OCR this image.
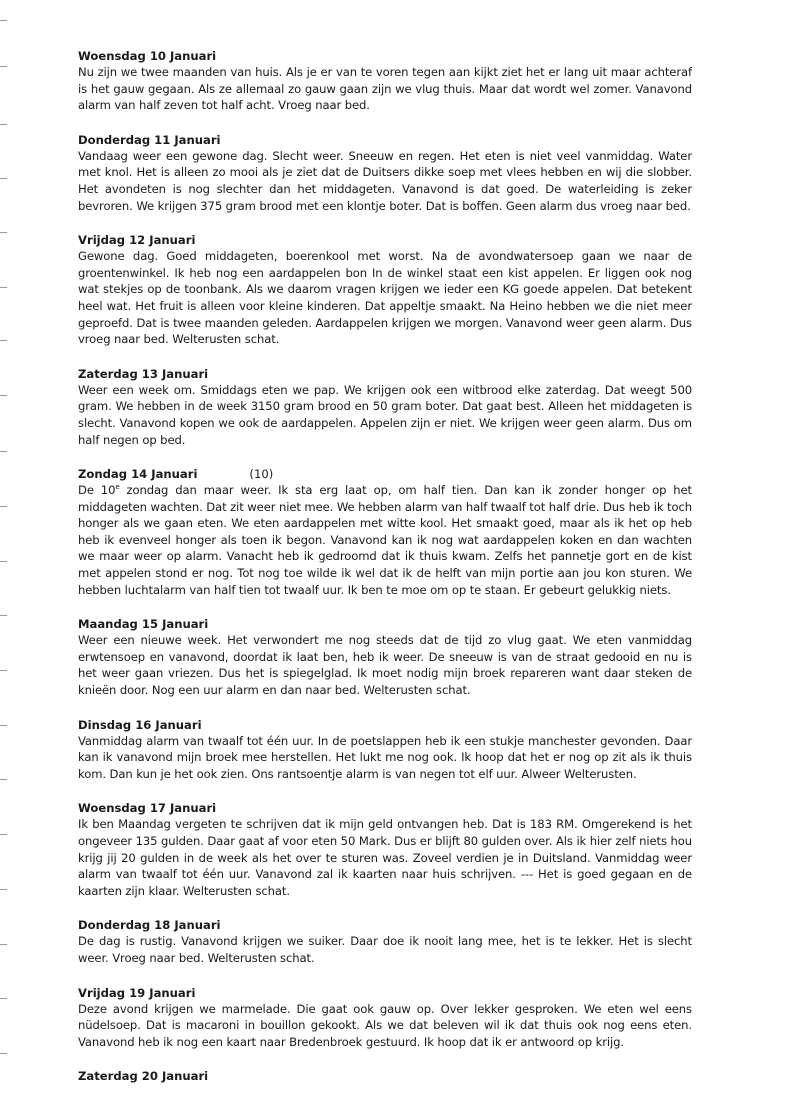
Woensdag 10 Januari

Nu zijn we twee maanden van huis. Als je er van te voren tegen aan kijkt ziet het er lang uit maar achteraf is het gauw gegaan. Als ze allemaal zo gauw gaan zijn we vlug thuis. Maar dat wordt wel zomer. Vanavond alarm van half zeven tot half acht. Vroeg naar bed.

Donderdag 11 Januari

Vandaag weer een gewone dag. Slecht weer. Sneeuw en regen. Het eten is niet veel vanmiddag. Water met knol. Het is alleen zo mooi als je ziet dat de Duitsers dikke soep met vlees hebben en wij die slobber. Het avondeten is nog slechter dan het middageten. Vanavond is dat goed. De waterleiding is zeker bevroren. We krijgen 375 gram brood met een klontje boter. Dat is boffen. Geen alarm dus vroeg naar bed.

Vrijdag 12 Januari

Gewone dag. Goed middageten, boerenkool met worst. Na de avondwatersoep gaan we naar de groentenwinkel. Ik heb nog een aardappelen bon In de winkel staat een kist appelen. Er liggen ook nog wat stekjes op de toonbank. Als we daarom vragen krijgen we ieder een KG goede appelen. Dat betekent heel wat. Het fruit is alleen voor kleine kinderen. Dat appeltje smaakt. Na Heino hebben we die niet meer geproefd. Dat is twee maanden geleden. Aardappelen krijgen we morgen. Vanavond weer geen alarm. Dus vroeg naar bed. Welterusten schat.

Zaterdag 13 Januari

Weer een week om. Smiddags eten we pap. We krijgen ook een witbrood elke zaterdag. Dat weegt 500 gram. We hebben in de week 3150 gram brood en 50 gram boter. Dat gaat best. Alleen het middageten is slecht. Vanavond kopen we ook de aardappelen. Appelen zijn er niet. We krijgen weer geen alarm. Dus om half negen op bed.

Zondag 14 Januari	(10)

De 10e zondag dan maar weer. Ik sta erg laat op, om half tien. Dan kan ik zonder honger op het middageten wachten. Dat zit weer niet mee. We hebben alarm van half twaalf tot half drie. Dus heb ik toch honger als we gaan eten. We eten aardappelen met witte kool. Het smaakt goed, maar als ik het op heb heb ik evenveel honger als toen ik begon. Vanavond kan ik nog wat aardappelen koken en dan wachten we maar weer op alarm. Vanacht heb ik gedroomd dat ik thuis kwam. Zelfs het pannetje gort en de kist met appelen stond er nog. Tot nog toe wilde ik wel dat ik de helft van mijn portie aan jou kon sturen. We hebben luchtalarm van half tien tot twaalf uur. Ik ben te moe om op te staan. Er gebeurt gelukkig niets.

Maandag 15 Januari

Weer een nieuwe week. Het verwondert me nog steeds dat de tijd zo vlug gaat. We eten vanmiddag erwtensoep en vanavond, doordat ik laat ben, heb ik weer. De sneeuw is van de straat gedooid en nu is het weer gaan vriezen. Dus het is spiegelglad. Ik moet nodig mijn broek repareren want daar steken de knieën door. Nog een uur alarm en dan naar bed. Welterusten schat.

Dinsdag 16 Januari

Vanmiddag alarm van twaalf tot één uur. In de poetslappen heb ik een stukje manchester gevonden. Daar kan ik vanavond mijn broek mee herstellen. Het lukt me nog ook. Ik hoop dat het er nog op zit als ik thuis kom. Dan kun je het ook zien. Ons rantsoentje alarm is van negen tot elf uur. Alweer Welterusten.

Woensdag 17 Januari

Ik ben Maandag vergeten te schrijven dat ik mijn geld ontvangen heb. Dat is 183 RM. Omgerekend is het ongeveer 135 gulden. Daar gaat af voor eten 50 Mark. Dus er blijft 80 gulden over. Als ik hier zelf niets hou krijg jij 20 gulden in de week als het over te sturen was. Zoveel verdien je in Duitsland. Vanmiddag weer alarm van twaalf tot één uur. Vanavond zal ik kaarten naar huis schrijven. --- Het is goed gegaan en de kaarten zijn klaar. Welterusten schat.

Donderdag 18 Januari

De dag is rustig. Vanavond krijgen we suiker. Daar doe ik nooit lang mee, het is te lekker. Het is slecht weer. Vroeg naar bed. Welterusten schat.

Vrijdag 19 Januari

Deze avond krijgen we marmelade. Die gaat ook gauw op. Over lekker gesproken. We eten wel eens nüdelsoep. Dat is macaroni in bouillon gekookt. Als we dat beleven wil ik dat thuis ook nog eens eten. Vanavond heb ik nog een kaart naar Bredenbroek gestuurd. Ik hoop dat ik er antwoord op krijg.

Zaterdag 20 Januari
